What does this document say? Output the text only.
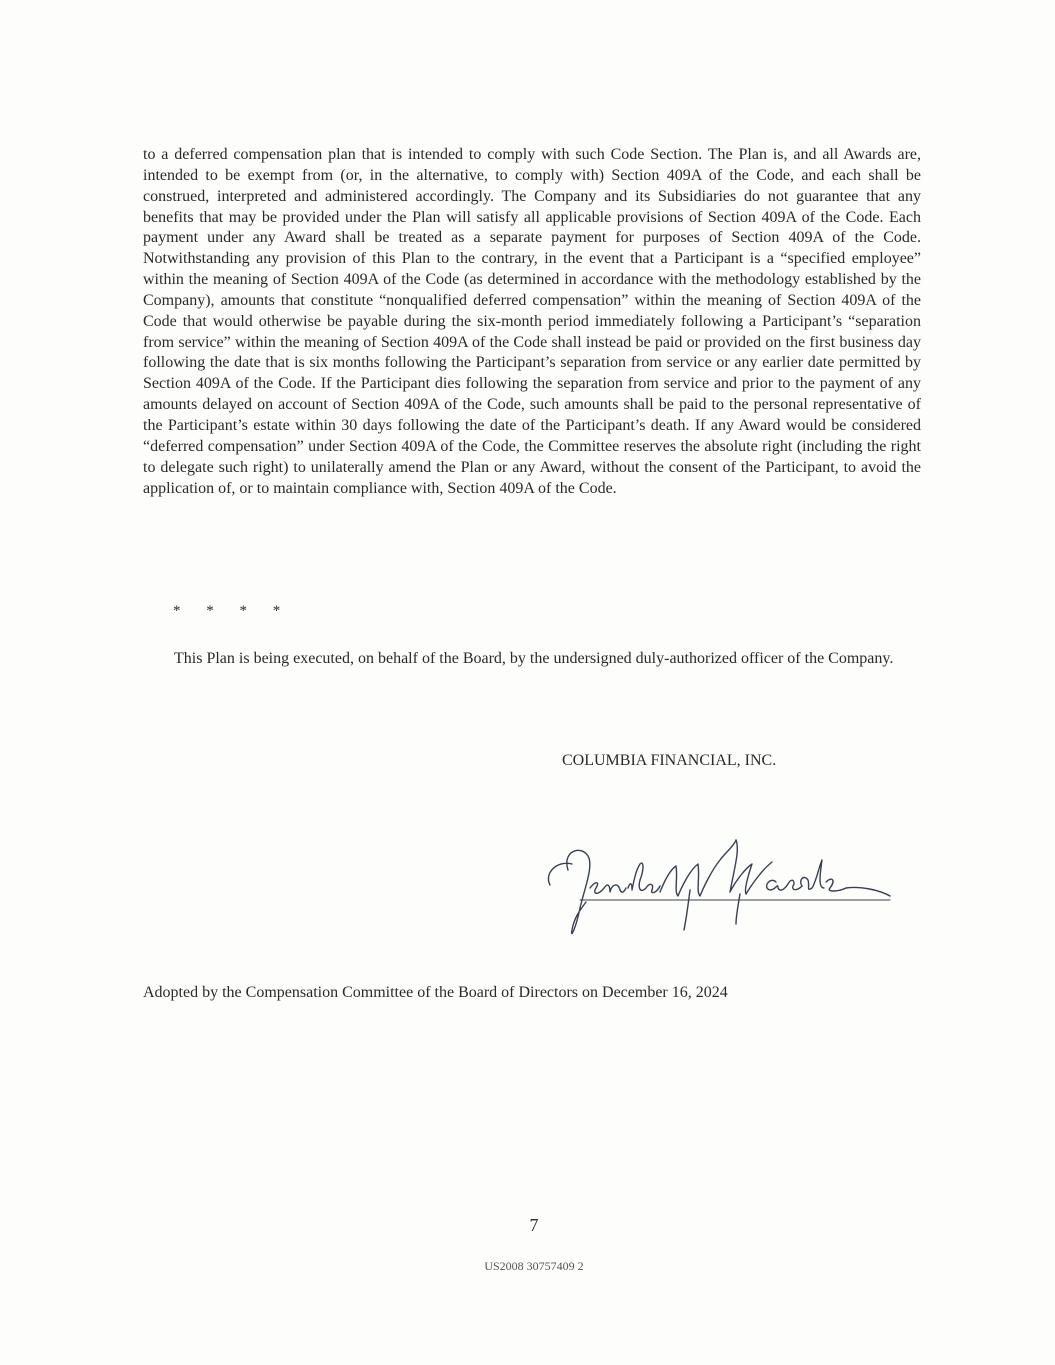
to a deferred compensation plan that is intended to comply with such Code Section. The Plan is, and all Awards are, intended to be exempt from (or, in the alternative, to comply with) Section 409A of the Code, and each shall be construed, interpreted and administered accordingly. The Company and its Subsidiaries do not guarantee that any benefits that may be provided under the Plan will satisfy all applicable provisions of Section 409A of the Code. Each payment under any Award shall be treated as a separate payment for purposes of Section 409A of the Code. Notwithstanding any provision of this Plan to the contrary, in the event that a Participant is a “specified employee” within the meaning of Section 409A of the Code (as determined in accordance with the methodology established by the Company), amounts that constitute “nonqualified deferred compensation” within the meaning of Section 409A of the Code that would otherwise be payable during the six-month period immediately following a Participant’s “separation from service” within the meaning of Section 409A of the Code shall instead be paid or provided on the first business day following the date that is six months following the Participant’s separation from service or any earlier date permitted by Section 409A of the Code. If the Participant dies following the separation from service and prior to the payment of any amounts delayed on account of Section 409A of the Code, such amounts shall be paid to the personal representative of the Participant’s estate within 30 days following the date of the Participant’s death. If any Award would be considered “deferred compensation” under Section 409A of the Code, the Committee reserves the absolute right (including the right to delegate such right) to unilaterally amend the Plan or any Award, without the consent of the Participant, to avoid the application of, or to maintain compliance with, Section 409A of the Code.

* * * *

This Plan is being executed, on behalf of the Board, by the undersigned duly-authorized officer of the Company.

COLUMBIA FINANCIAL, INC.

Adopted by the Compensation Committee of the Board of Directors on December 16, 2024

7

US2008 30757409 2
